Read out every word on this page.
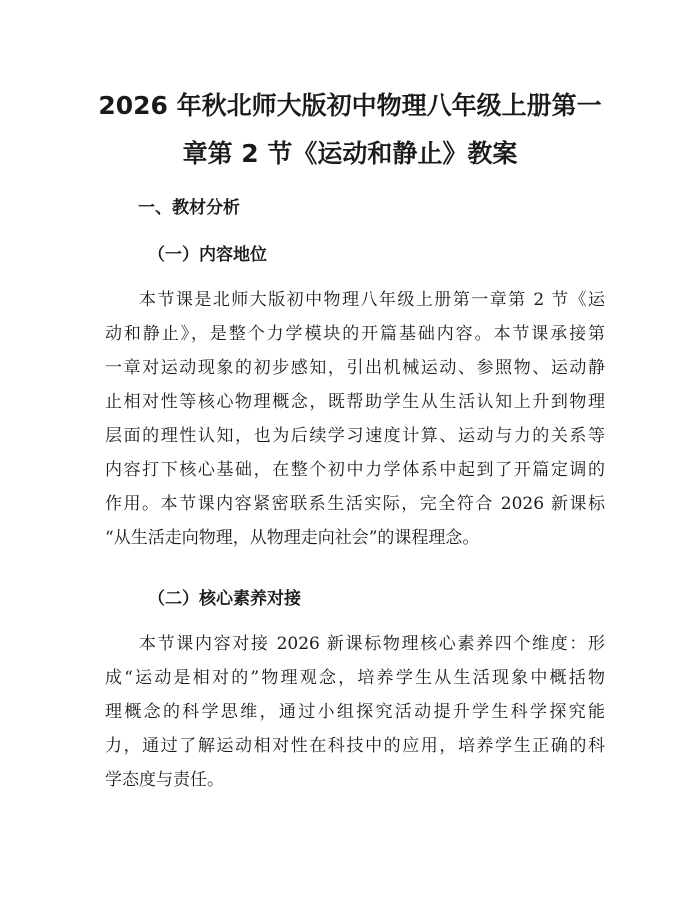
2026 年秋北师大版初中物理八年级上册第一
章第 2 节《运动和静止》教案
一、教材分析
（一）内容地位

本节课是北师大版初中物理八年级上册第一章第 2 节《运
动和静止》，是整个力学模块的开篇基础内容。本节课承接第
一章对运动现象的初步感知，引出机械运动、参照物、运动静
止相对性等核心物理概念，既帮助学生从生活认知上升到物理
层面的理性认知，也为后续学习速度计算、运动与力的关系等
内容打下核心基础，在整个初中力学体系中起到了开篇定调的
作用。本节课内容紧密联系生活实际，完全符合 2026 新课标
“从生活走向物理，从物理走向社会”的课程理念。

（二）核心素养对接

本节课内容对接 2026 新课标物理核心素养四个维度：形
成“运动是相对的”物理观念，培养学生从生活现象中概括物
理概念的科学思维，通过小组探究活动提升学生科学探究能
力，通过了解运动相对性在科技中的应用，培养学生正确的科
学态度与责任。
